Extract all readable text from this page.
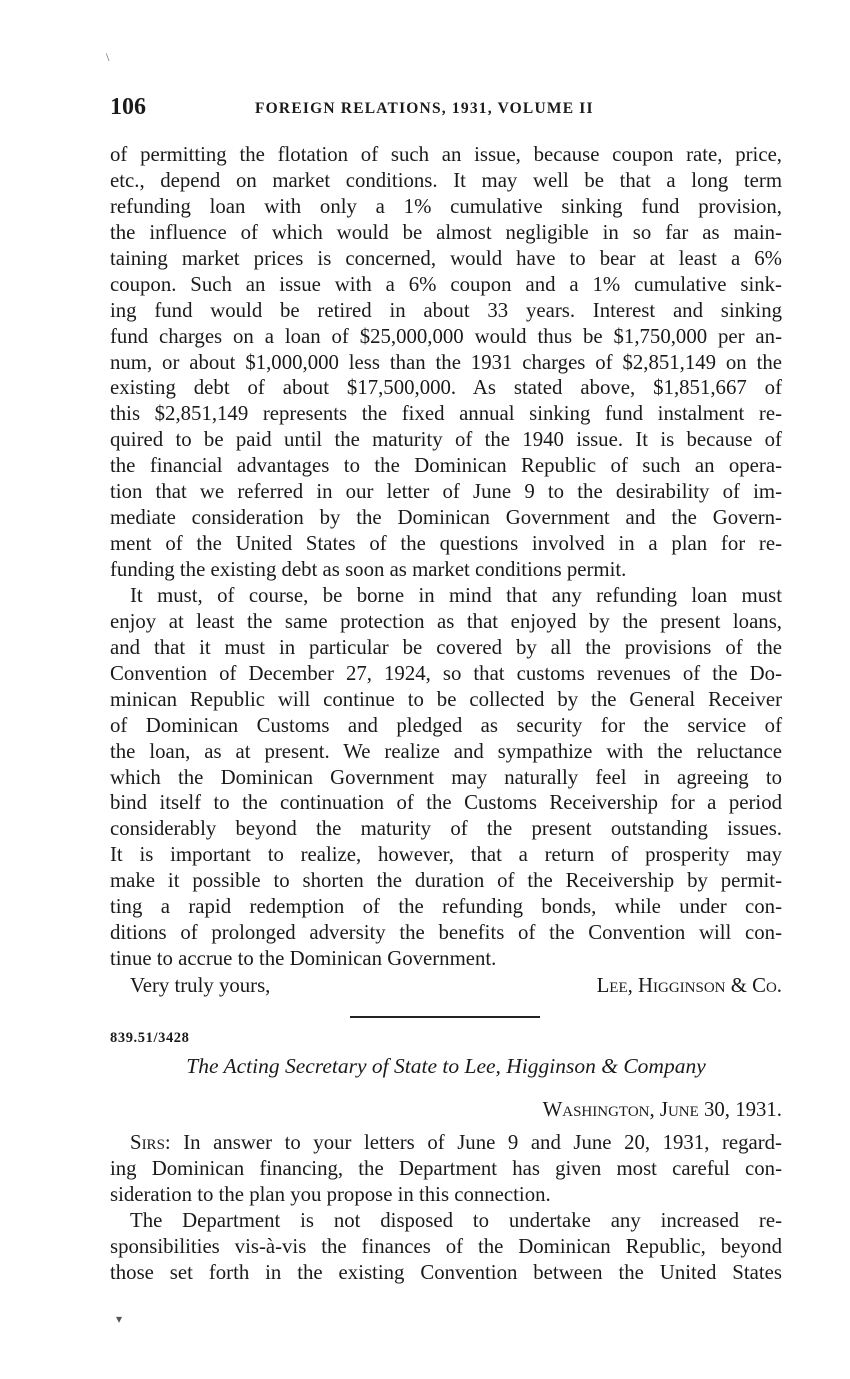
\
▾
106	FOREIGN RELATIONS, 1931, VOLUME II
of permitting the flotation of such an issue, because coupon rate, price,
etc., depend on market conditions. It may well be that a long term
refunding loan with only a 1% cumulative sinking fund provision,
the influence of which would be almost negligible in so far as main-
taining market prices is concerned, would have to bear at least a 6%
coupon. Such an issue with a 6% coupon and a 1% cumulative sink-
ing fund would be retired in about 33 years. Interest and sinking
fund charges on a loan of $25,000,000 would thus be $1,750,000 per an-
num, or about $1,000,000 less than the 1931 charges of $2,851,149 on the
existing debt of about $17,500,000. As stated above, $1,851,667 of
this $2,851,149 represents the fixed annual sinking fund instalment re-
quired to be paid until the maturity of the 1940 issue. It is because of
the financial advantages to the Dominican Republic of such an opera-
tion that we referred in our letter of June 9 to the desirability of im-
mediate consideration by the Dominican Government and the Govern-
ment of the United States of the questions involved in a plan for re-
funding the existing debt as soon as market conditions permit.
It must, of course, be borne in mind that any refunding loan must
enjoy at least the same protection as that enjoyed by the present loans,
and that it must in particular be covered by all the provisions of the
Convention of December 27, 1924, so that customs revenues of the Do-
minican Republic will continue to be collected by the General Receiver
of Dominican Customs and pledged as security for the service of
the loan, as at present. We realize and sympathize with the reluctance
which the Dominican Government may naturally feel in agreeing to
bind itself to the continuation of the Customs Receivership for a period
considerably beyond the maturity of the present outstanding issues.
It is important to realize, however, that a return of prosperity may
make it possible to shorten the duration of the Receivership by permit-
ting a rapid redemption of the refunding bonds, while under con-
ditions of prolonged adversity the benefits of the Convention will con-
tinue to accrue to the Dominican Government.
Very truly yours,	Lee, Higginson & Co.
839.51/3428
The Acting Secretary of State to Lee, Higginson & Company
Washington, June 30, 1931.
Sirs: In answer to your letters of June 9 and June 20, 1931, regard-
ing Dominican financing, the Department has given most careful con-
sideration to the plan you propose in this connection.
The Department is not disposed to undertake any increased re-
sponsibilities vis-à-vis the finances of the Dominican Republic, beyond
those set forth in the existing Convention between the United States
